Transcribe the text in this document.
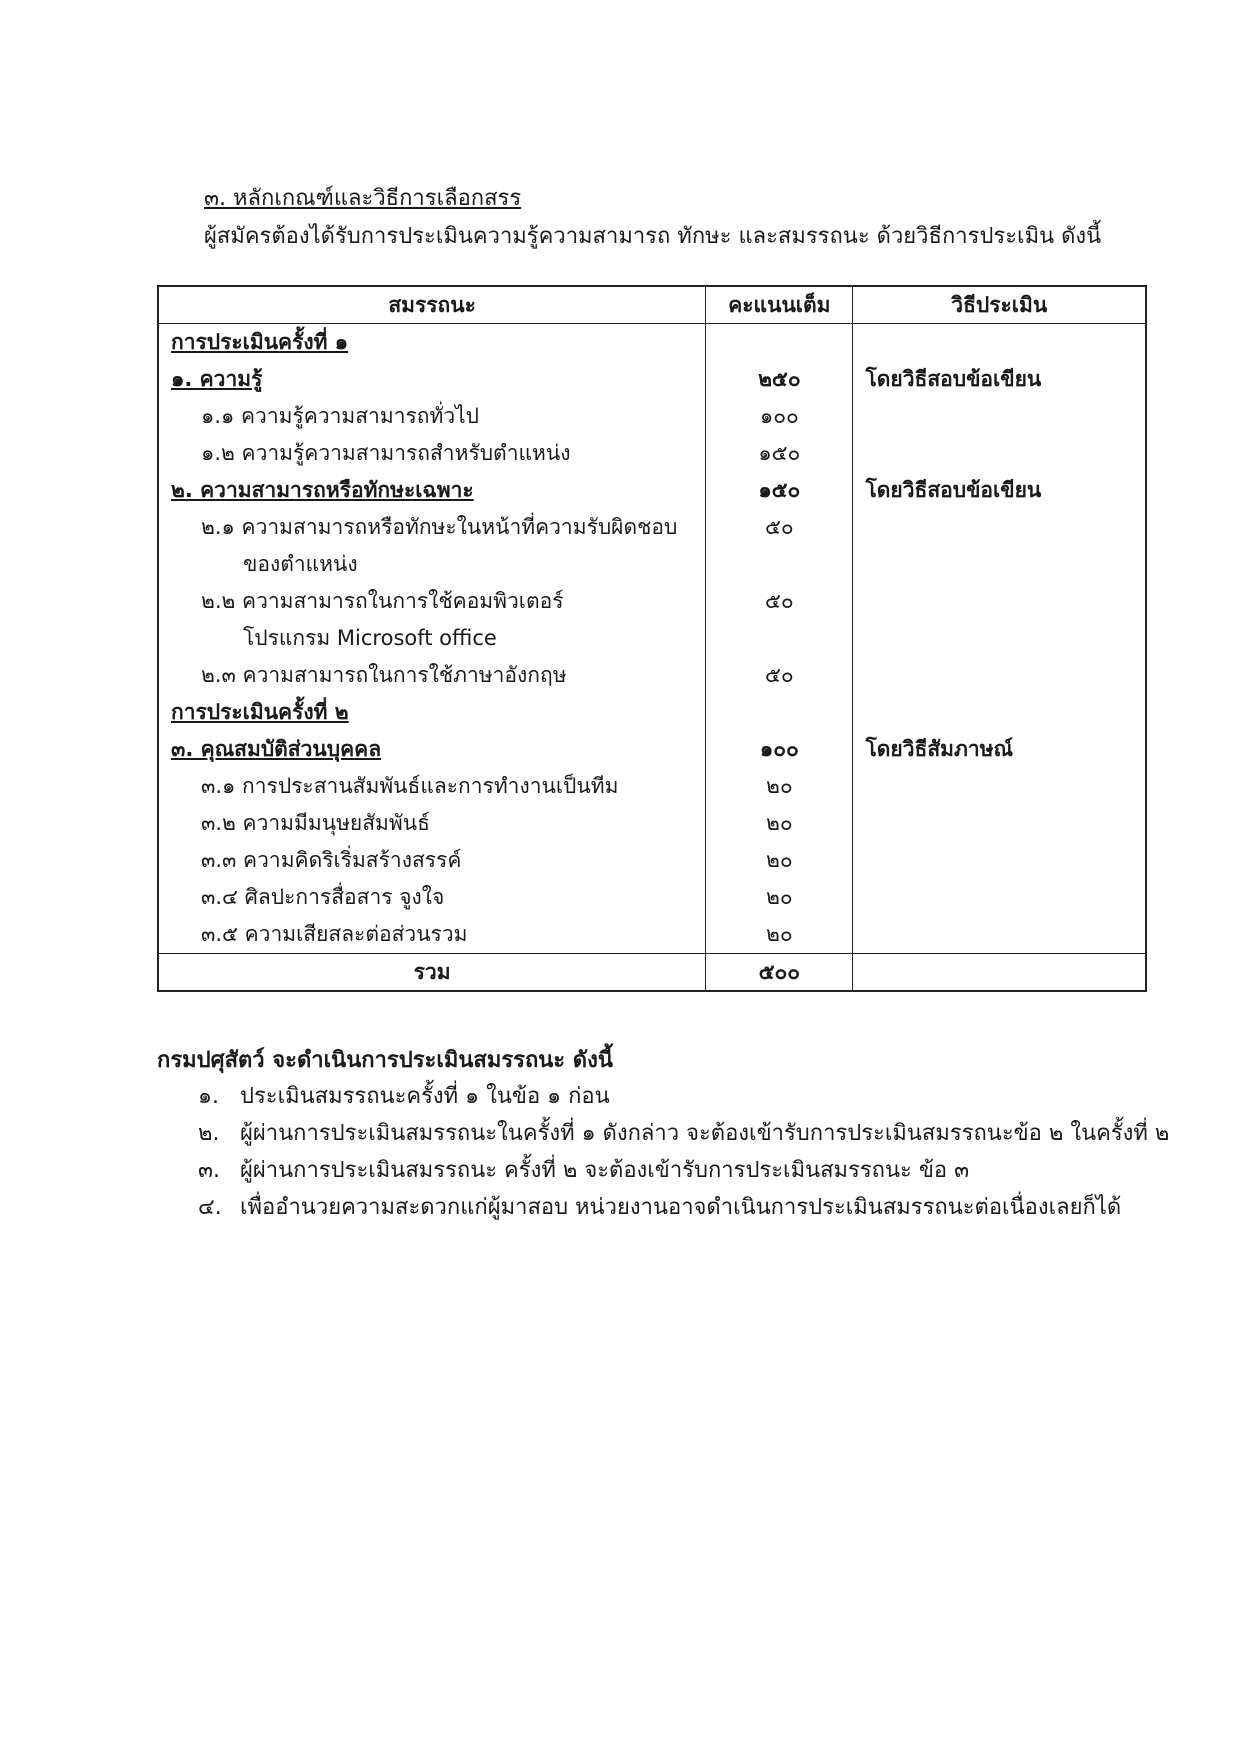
๓. หลักเกณฑ์และวิธีการเลือกสรร
ผู้สมัครต้องได้รับการประเมินความรู้ความสามารถ ทักษะ และสมรรถนะ ด้วยวิธีการประเมิน ดังนี้
สมรรถนะ	คะแนนเต็ม	วิธีประเมิน
การประเมินครั้งที่ ๑		
๑. ความรู้	๒๕๐	โดยวิธีสอบข้อเขียน
๑.๑ ความรู้ความสามารถทั่วไป	๑๐๐	
๑.๒ ความรู้ความสามารถสำหรับตำแหน่ง	๑๕๐	
๒. ความสามารถหรือทักษะเฉพาะ	๑๕๐	โดยวิธีสอบข้อเขียน
๒.๑ ความสามารถหรือทักษะในหน้าที่ความรับผิดชอบ	๕๐	
ของตำแหน่ง		
๒.๒ ความสามารถในการใช้คอมพิวเตอร์	๕๐	
โปรแกรม Microsoft office		
๒.๓ ความสามารถในการใช้ภาษาอังกฤษ	๕๐	
การประเมินครั้งที่ ๒		
๓. คุณสมบัติส่วนบุคคล	๑๐๐	โดยวิธีสัมภาษณ์
๓.๑ การประสานสัมพันธ์และการทำงานเป็นทีม	๒๐	
๓.๒ ความมีมนุษยสัมพันธ์	๒๐	
๓.๓ ความคิดริเริ่มสร้างสรรค์	๒๐	
๓.๔ ศิลปะการสื่อสาร จูงใจ	๒๐	
๓.๕ ความเสียสละต่อส่วนรวม	๒๐	
รวม	๕๐๐	
กรมปศุสัตว์ จะดำเนินการประเมินสมรรถนะ ดังนี้
๑. ประเมินสมรรถนะครั้งที่ ๑ ในข้อ ๑ ก่อน
๒. ผู้ผ่านการประเมินสมรรถนะในครั้งที่ ๑ ดังกล่าว จะต้องเข้ารับการประเมินสมรรถนะข้อ ๒ ในครั้งที่ ๒
๓. ผู้ผ่านการประเมินสมรรถนะ ครั้งที่ ๒ จะต้องเข้ารับการประเมินสมรรถนะ ข้อ ๓
๔. เพื่ออำนวยความสะดวกแก่ผู้มาสอบ หน่วยงานอาจดำเนินการประเมินสมรรถนะต่อเนื่องเลยก็ได้
